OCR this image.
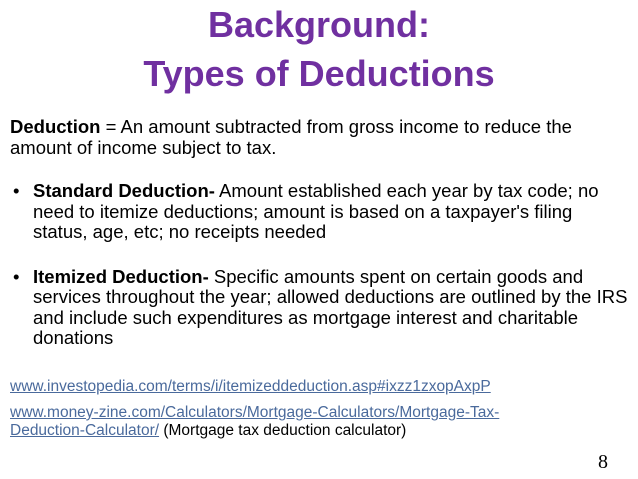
Background:
Types of Deductions

Deduction = An amount subtracted from gross income to reduce the amount of income subject to tax.

• Standard Deduction- Amount established each year by tax code; no need to itemize deductions; amount is based on a taxpayer's filing status, age, etc; no receipts needed
• Itemized Deduction- Specific amounts spent on certain goods and services throughout the year; allowed deductions are outlined by the IRS and include such expenditures as mortgage interest and charitable donations
www.investopedia.com/terms/i/itemizeddeduction.asp#ixzz1zxopAxpP
www.money-zine.com/Calculators/Mortgage-Calculators/Mortgage-Tax-
Deduction-Calculator/ (Mortgage tax deduction calculator)
8
